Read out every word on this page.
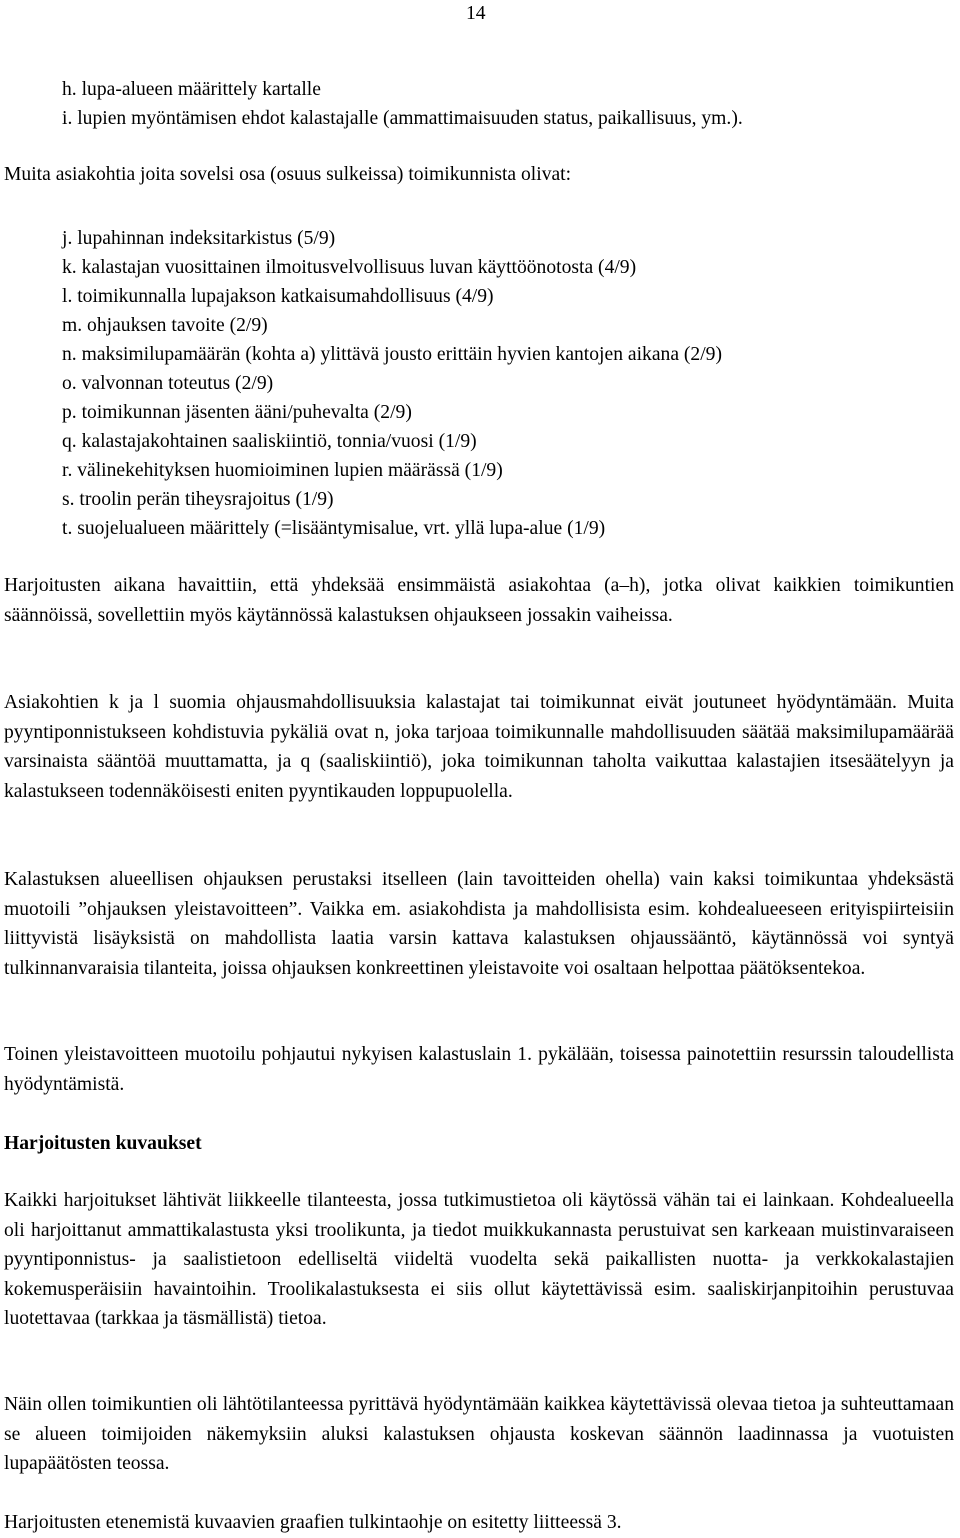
14
h. lupa-alueen määrittely kartalle
i. lupien myöntämisen ehdot kalastajalle (ammattimaisuuden status, paikallisuus, ym.).
Muita asiakohtia joita sovelsi osa (osuus sulkeissa) toimikunnista olivat:
j. lupahinnan indeksitarkistus (5/9)
k. kalastajan vuosittainen ilmoitusvelvollisuus luvan käyttöönotosta (4/9)
l. toimikunnalla lupajakson katkaisumahdollisuus (4/9)
m. ohjauksen tavoite (2/9)
n. maksimilupamäärän (kohta a) ylittävä jousto erittäin hyvien kantojen aikana (2/9)
o. valvonnan toteutus (2/9)
p. toimikunnan jäsenten ääni/puhevalta (2/9)
q. kalastajakohtainen saaliskiintiö, tonnia/vuosi (1/9)
r. välinekehityksen huomioiminen lupien määrässä (1/9)
s. troolin perän tiheysrajoitus (1/9)
t. suojelualueen määrittely (=lisääntymisalue, vrt. yllä lupa-alue (1/9)

Harjoitusten aikana havaittiin, että yhdeksää ensimmäistä asiakohtaa (a–h), jotka olivat kaikkien toimikuntien säännöissä, sovellettiin myös käytännössä kalastuksen ohjaukseen jossakin vaiheissa.

Asiakohtien k ja l suomia ohjausmahdollisuuksia kalastajat tai toimikunnat eivät joutuneet hyödyntämään. Muita pyyntiponnistukseen kohdistuvia pykäliä ovat n, joka tarjoaa toimikunnalle mahdollisuuden säätää maksimilupamäärää varsinaista sääntöä muuttamatta, ja q (saaliskiintiö), joka toimikunnan taholta vaikuttaa kalastajien itsesäätelyyn ja kalastukseen todennäköisesti eniten pyyntikauden loppupuolella.

Kalastuksen alueellisen ohjauksen perustaksi itselleen (lain tavoitteiden ohella) vain kaksi toimikuntaa yhdeksästä muotoili ”ohjauksen yleistavoitteen”. Vaikka em. asiakohdista ja mahdollisista esim. kohdealueeseen erityispiirteisiin liittyvistä lisäyksistä on mahdollista laatia varsin kattava kalastuksen ohjaussääntö, käytännössä voi syntyä tulkinnanvaraisia tilanteita, joissa ohjauksen konkreettinen yleistavoite voi osaltaan helpottaa päätöksentekoa.

Toinen yleistavoitteen muotoilu pohjautui nykyisen kalastuslain 1. pykälään, toisessa painotettiin resurssin taloudellista hyödyntämistä.

Harjoitusten kuvaukset

Kaikki harjoitukset lähtivät liikkeelle tilanteesta, jossa tutkimustietoa oli käytössä vähän tai ei lainkaan. Kohdealueella oli harjoittanut ammattikalastusta yksi troolikunta, ja tiedot muikkukannasta perustuivat sen karkeaan muistinvaraiseen pyyntiponnistus- ja saalistietoon edelliseltä viideltä vuodelta sekä paikallisten nuotta- ja verkkokalastajien kokemusperäisiin havaintoihin. Troolikalastuksesta ei siis ollut käytettävissä esim. saaliskirjanpitoihin perustuvaa luotettavaa (tarkkaa ja täsmällistä) tietoa.

Näin ollen toimikuntien oli lähtötilanteessa pyrittävä hyödyntämään kaikkea käytettävissä olevaa tietoa ja suhteuttamaan se alueen toimijoiden näkemyksiin aluksi kalastuksen ohjausta koskevan säännön laadinnassa ja vuotuisten lupapäätösten teossa.

Harjoitusten etenemistä kuvaavien graafien tulkintaohje on esitetty liitteessä 3.
